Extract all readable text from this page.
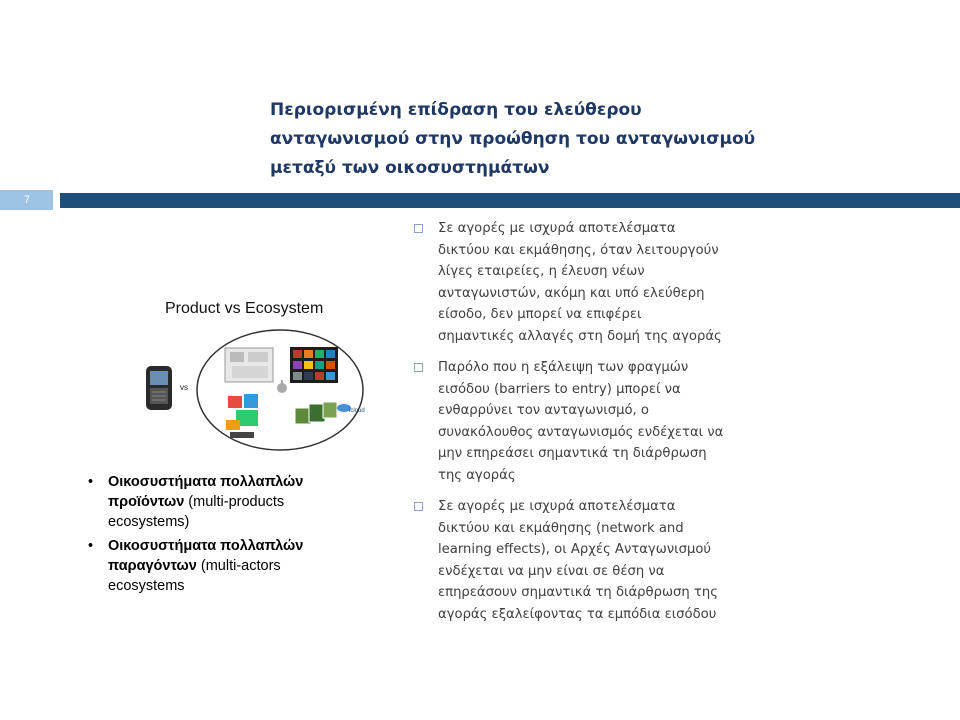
Περιορισμένη επίδραση του ελεύθερου
ανταγωνισμού στην προώθηση του ανταγωνισμού
μεταξύ των οικοσυστημάτων
7
Product vs Ecosystem
vs
icloud
• Οικοσυστήματα πολλαπλών
προϊόντων (multi-products
ecosystems)
• Οικοσυστήματα πολλαπλών
παραγόντων (multi-actors
ecosystems
Σε αγορές με ισχυρά αποτελέσματα
δικτύου και εκμάθησης, όταν λειτουργούν
λίγες εταιρείες, η έλευση νέων
ανταγωνιστών, ακόμη και υπό ελεύθερη
είσοδο, δεν μπορεί να επιφέρει
σημαντικές αλλαγές στη δομή της αγοράς
Παρόλο που η εξάλειψη των φραγμών
εισόδου (barriers to entry) μπορεί να
ενθαρρύνει τον ανταγωνισμό, ο
συνακόλουθος ανταγωνισμός ενδέχεται να
μην επηρεάσει σημαντικά τη διάρθρωση
της αγοράς
Σε αγορές με ισχυρά αποτελέσματα
δικτύου και εκμάθησης (network and
learning effects), οι Αρχές Ανταγωνισμού
ενδέχεται να μην είναι σε θέση να
επηρεάσουν σημαντικά τη διάρθρωση της
αγοράς εξαλείφοντας τα εμπόδια εισόδου
